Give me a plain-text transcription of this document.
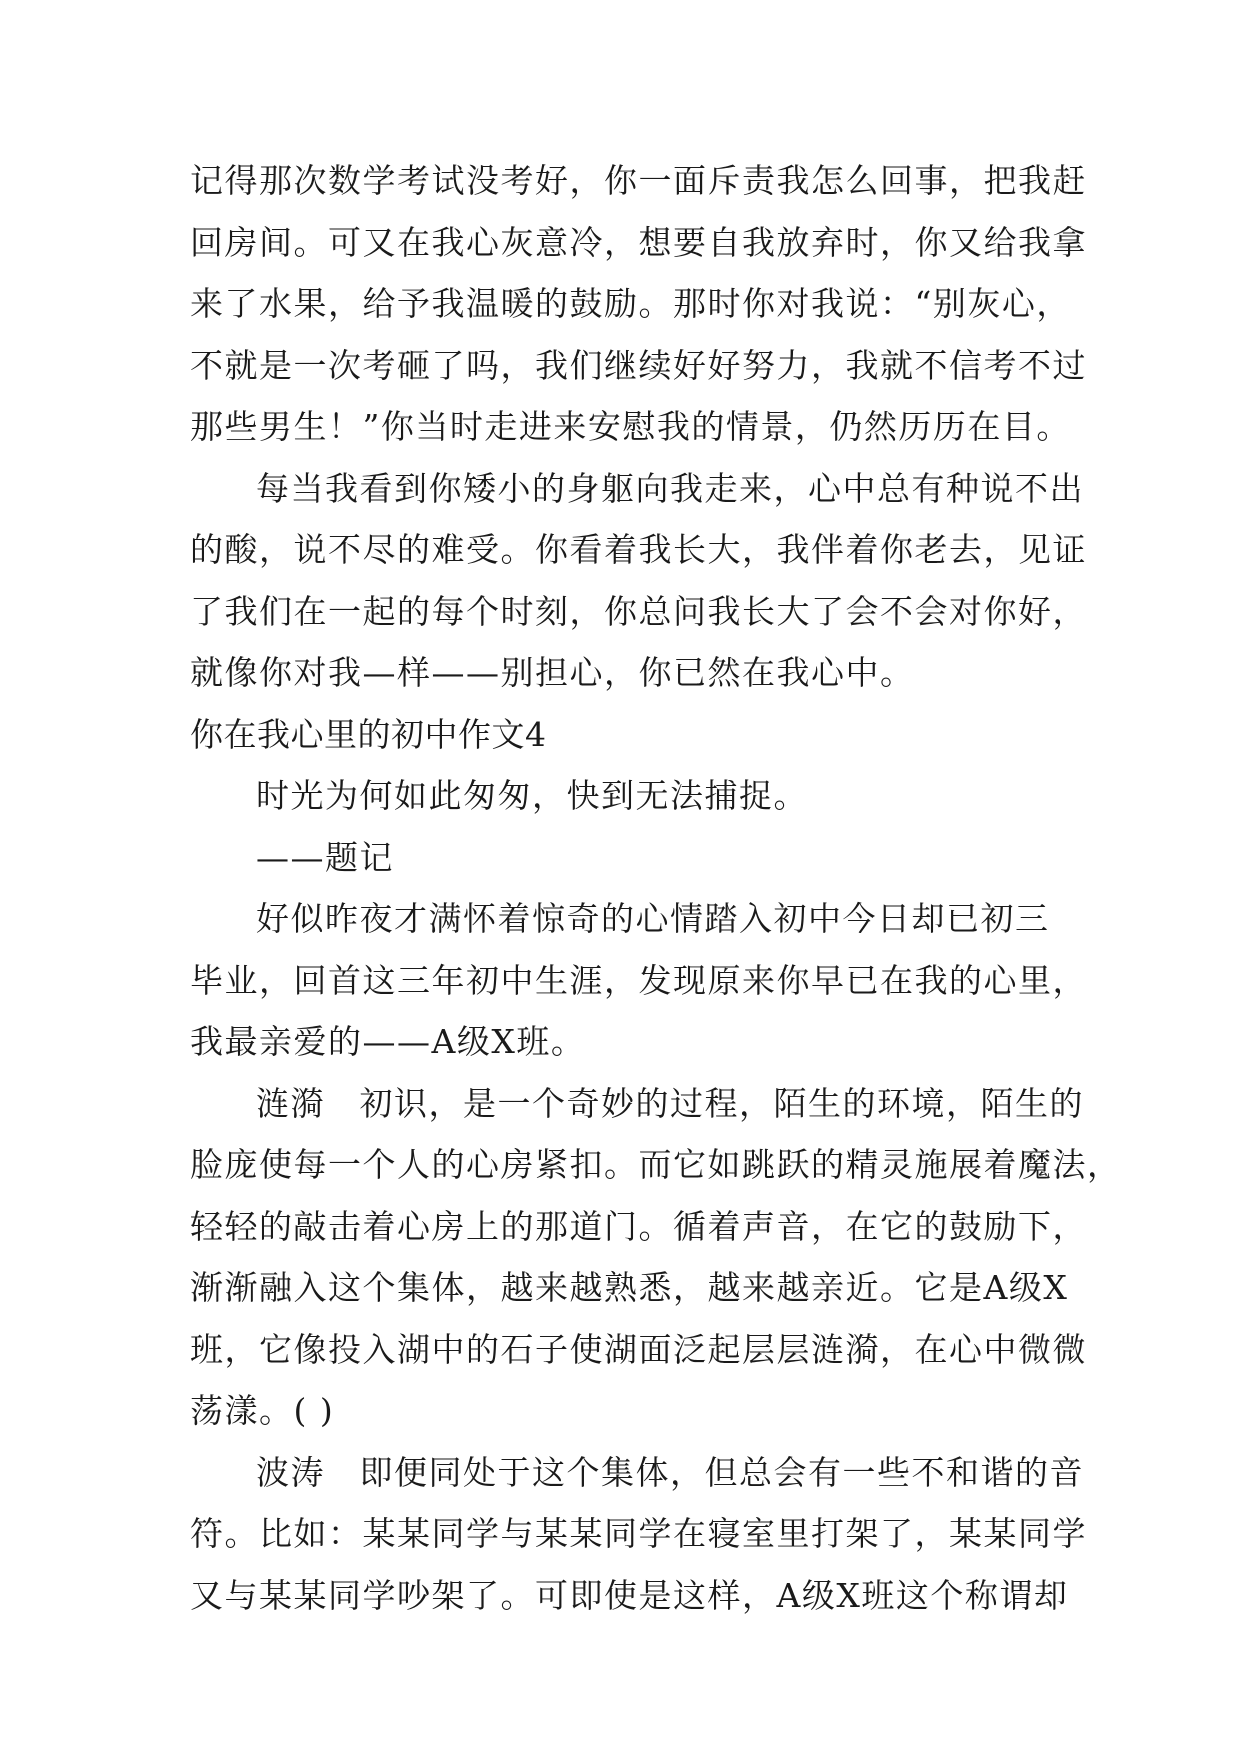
记得那次数学考试没考好，你一面斥责我怎么回事，把我赶
回房间。可又在我心灰意冷，想要自我放弃时，你又给我拿
来了水果，给予我温暖的鼓励。那时你对我说：“别灰心，
不就是一次考砸了吗，我们继续好好努力，我就不信考不过
那些男生！”你当时走进来安慰我的情景，仍然历历在目。
每当我看到你矮小的身躯向我走来，心中总有种说不出
的酸，说不尽的难受。你看着我长大，我伴着你老去，见证
了我们在一起的每个时刻，你总问我长大了会不会对你好，
就像你对我—样——别担心，你已然在我心中。
你在我心里的初中作文4
时光为何如此匆匆，快到无法捕捉。
——题记
好似昨夜才满怀着惊奇的心情踏入初中今日却已初三
毕业，回首这三年初中生涯，发现原来你早已在我的心里，
我最亲爱的——A级X班。
涟漪　初识，是一个奇妙的过程，陌生的环境，陌生的
脸庞使每一个人的心房紧扣。而它如跳跃的精灵施展着魔法，
轻轻的敲击着心房上的那道门。循着声音，在它的鼓励下，
渐渐融入这个集体，越来越熟悉，越来越亲近。它是A级X
班，它像投入湖中的石子使湖面泛起层层涟漪，在心中微微
荡漾。( )
波涛　即便同处于这个集体，但总会有一些不和谐的音
符。比如：某某同学与某某同学在寝室里打架了，某某同学
又与某某同学吵架了。可即使是这样，A级X班这个称谓却
